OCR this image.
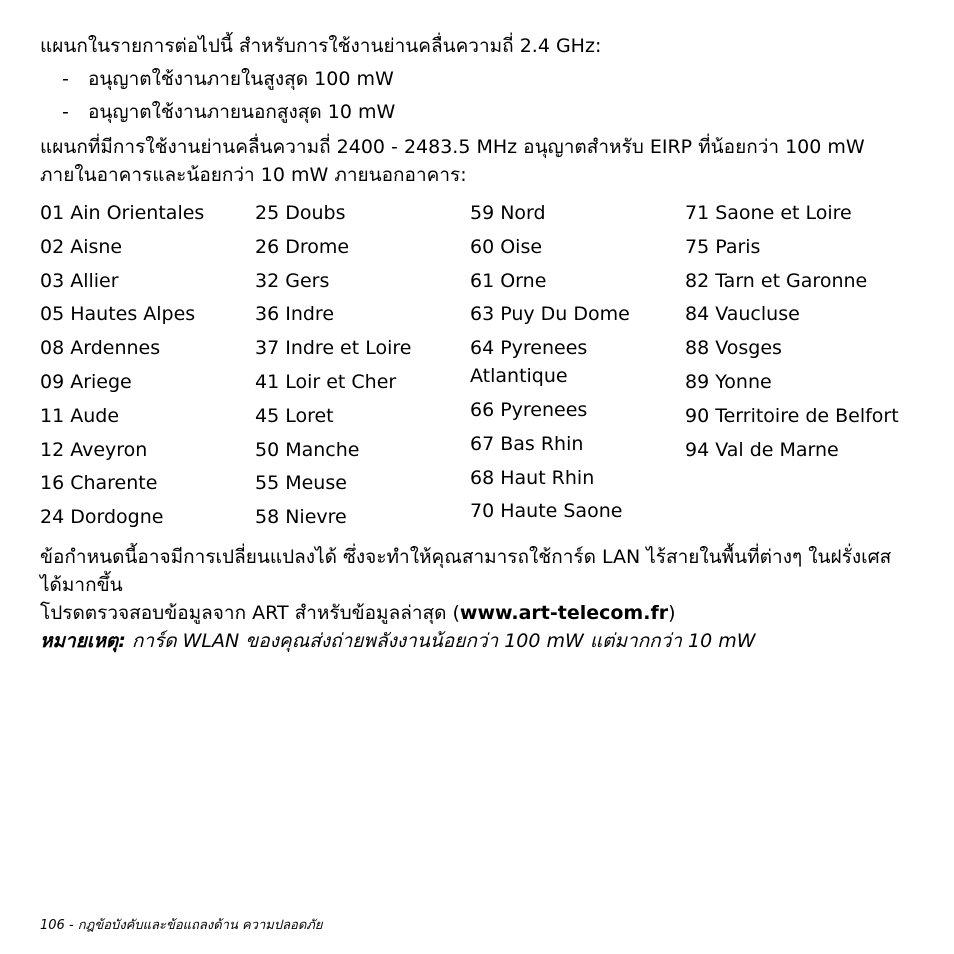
แผนกในรายการต่อไปนี้ สำหรับการใช้งานย่านคลื่นความถี่ 2.4 GHz:

-	อนุญาตใช้งานภายในสูงสุด 100 mW
-	อนุญาตใช้งานภายนอกสูงสุด 10 mW

แผนกที่มีการใช้งานย่านคลื่นความถี่ 2400 - 2483.5 MHz อนุญาตสำหรับ EIRP ที่น้อยกว่า 100 mW ภายในอาคารและน้อยกว่า 10 mW ภายนอกอาคาร:

01 Ain Orientales
02 Aisne
03 Allier
05 Hautes Alpes
08 Ardennes
09 Ariege
11 Aude
12 Aveyron
16 Charente
24 Dordogne
25 Doubs
26 Drome
32 Gers
36 Indre
37 Indre et Loire
41 Loir et Cher
45 Loret
50 Manche
55 Meuse
58 Nievre
59 Nord
60 Oise
61 Orne
63 Puy Du Dome
64 Pyrenees Atlantique
66 Pyrenees
67 Bas Rhin
68 Haut Rhin
70 Haute Saone
71 Saone et Loire
75 Paris
82 Tarn et Garonne
84 Vaucluse
88 Vosges
89 Yonne
90 Territoire de Belfort
94 Val de Marne

ข้อกำหนดนี้อาจมีการเปลี่ยนแปลงได้ ซึ่งจะทำให้คุณสามารถใช้การ์ด LAN ไร้สายในพื้นที่ต่างๆ ในฝรั่งเศสได้มากขึ้น

โปรดตรวจสอบข้อมูลจาก ART สำหรับข้อมูลล่าสุด (www.art-telecom.fr)

หมายเหตุ: การ์ด WLAN ของคุณส่งถ่ายพลังงานน้อยกว่า 100 mW แต่มากกว่า 10 mW

106 - กฎข้อบังคับและข้อแถลงด้าน ความปลอดภัย
